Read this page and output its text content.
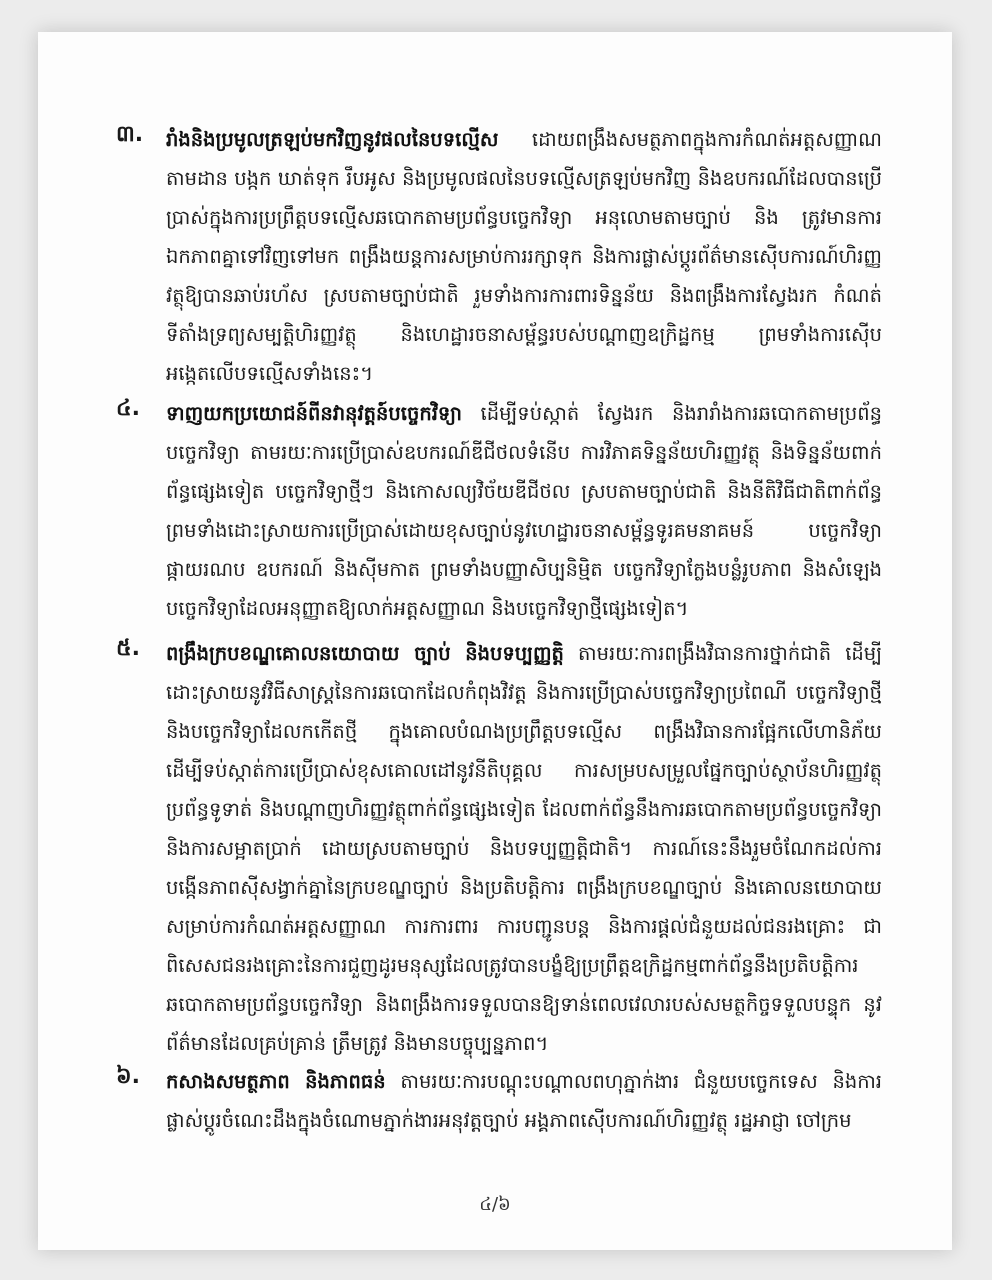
៣. រាំងនិងប្រមូលត្រឡប់មកវិញនូវផលនៃបទល្មើស ដោយពង្រឹងសមត្ថភាពក្នុងការកំណត់អត្តសញ្ញាណ តាមដាន បង្កក ឃាត់ទុក រឹបអូស និងប្រមូលផលនៃបទល្មើសត្រឡប់មកវិញ និងឧបករណ៍ដែលបានប្រើប្រាស់ក្នុងការប្រព្រឹត្តបទល្មើសឆបោកតាមប្រព័ន្ធបច្ចេកវិទ្យា អនុលោមតាមច្បាប់ និង ត្រូវមានការឯកភាពគ្នាទៅវិញទៅមក ពង្រឹងយន្តការសម្រាប់ការរក្សាទុក និងការផ្លាស់ប្តូរព័ត៌មានស៊ើបការណ៍ហិរញ្ញវត្ថុឱ្យបានឆាប់រហ័ស ស្របតាមច្បាប់ជាតិ រួមទាំងការការពារទិន្នន័យ និងពង្រឹងការស្វែងរក កំណត់ទីតាំងទ្រព្យសម្បត្តិហិរញ្ញវត្ថុ និងហេដ្ឋារចនាសម្ព័ន្ធរបស់បណ្តាញឧក្រិដ្ឋកម្ម ព្រមទាំងការស៊ើបអង្កេតលើបទល្មើសទាំងនេះ។
៤. ទាញយកប្រយោជន៍ពីនវានុវត្តន៍បច្ចេកវិទ្យា ដើម្បីទប់ស្កាត់ ស្វែងរក និងរារាំងការឆបោកតាមប្រព័ន្ធបច្ចេកវិទ្យា តាមរយៈការប្រើប្រាស់ឧបករណ៍ឌីជីថលទំនើប ការវិភាគទិន្នន័យហិរញ្ញវត្ថុ និងទិន្នន័យពាក់ព័ន្ធផ្សេងទៀត បច្ចេកវិទ្យាថ្មីៗ និងកោសល្យវិច័យឌីជីថល ស្របតាមច្បាប់ជាតិ និងនីតិវិធីជាតិពាក់ព័ន្ធ ព្រមទាំងដោះស្រាយការប្រើប្រាស់ដោយខុសច្បាប់នូវហេដ្ឋារចនាសម្ព័ន្ធទូរគមនាគមន៍ បច្ចេកវិទ្យាផ្កាយរណប ឧបករណ៍ និងស៊ីមកាត ព្រមទាំងបញ្ញាសិប្បនិម្មិត បច្ចេកវិទ្យាក្លែងបន្លំរូបភាព និងសំឡេង បច្ចេកវិទ្យាដែលអនុញ្ញាតឱ្យលាក់អត្តសញ្ញាណ និងបច្ចេកវិទ្យាថ្មីផ្សេងទៀត។
៥. ពង្រឹងក្របខណ្ឌគោលនយោបាយ ច្បាប់ និងបទប្បញ្ញត្តិ តាមរយៈការពង្រឹងវិធានការថ្នាក់ជាតិ ដើម្បីដោះស្រាយនូវវិធីសាស្រ្តនៃការឆបោកដែលកំពុងវិវត្ត និងការប្រើប្រាស់បច្ចេកវិទ្យាប្រពៃណី បច្ចេកវិទ្យាថ្មី និងបច្ចេកវិទ្យាដែលកកើតថ្មី ក្នុងគោលបំណងប្រព្រឹត្តបទល្មើស ពង្រឹងវិធានការផ្អែកលើហានិភ័យ ដើម្បីទប់ស្កាត់ការប្រើប្រាស់ខុសគោលដៅនូវនីតិបុគ្គល ការសម្របសម្រួលផ្នែកច្បាប់ស្ថាប័នហិរញ្ញវត្ថុ ប្រព័ន្ធទូទាត់ និងបណ្តាញហិរញ្ញវត្ថុពាក់ព័ន្ធផ្សេងទៀត ដែលពាក់ព័ន្ធនឹងការឆបោកតាមប្រព័ន្ធបច្ចេកវិទ្យា និងការសម្អាតប្រាក់ ដោយស្របតាមច្បាប់ និងបទប្បញ្ញត្តិជាតិ។ ការណ៍នេះនឹងរួមចំណែកដល់ការបង្កើនភាពស៊ីសង្វាក់គ្នានៃក្របខណ្ឌច្បាប់ និងប្រតិបត្តិការ ពង្រឹងក្របខណ្ឌច្បាប់ និងគោលនយោបាយ សម្រាប់ការកំណត់អត្តសញ្ញាណ ការការពារ ការបញ្ជូនបន្ត និងការផ្តល់ជំនួយដល់ជនរងគ្រោះ ជាពិសេសជនរងគ្រោះនៃការជួញដូរមនុស្សដែលត្រូវបានបង្ខំឱ្យប្រព្រឹត្តឧក្រិដ្ឋកម្មពាក់ព័ន្ធនឹងប្រតិបត្តិការឆបោកតាមប្រព័ន្ធបច្ចេកវិទ្យា និងពង្រឹងការទទួលបានឱ្យទាន់ពេលវេលារបស់សមត្ថកិច្ចទទួលបន្ទុក នូវព័ត៌មានដែលគ្រប់គ្រាន់ ត្រឹមត្រូវ និងមានបច្ចុប្បន្នភាព។
៦. កសាងសមត្ថភាព និងភាពធន់ តាមរយៈការបណ្តុះបណ្តាលពហុភ្នាក់ងារ ជំនួយបច្ចេកទេស និងការផ្លាស់ប្តូរចំណេះដឹងក្នុងចំណោមភ្នាក់ងារអនុវត្តច្បាប់ អង្គភាពស៊ើបការណ៍ហិរញ្ញវត្ថុ រដ្ឋអាជ្ញា ចៅក្រម
៤/៦
